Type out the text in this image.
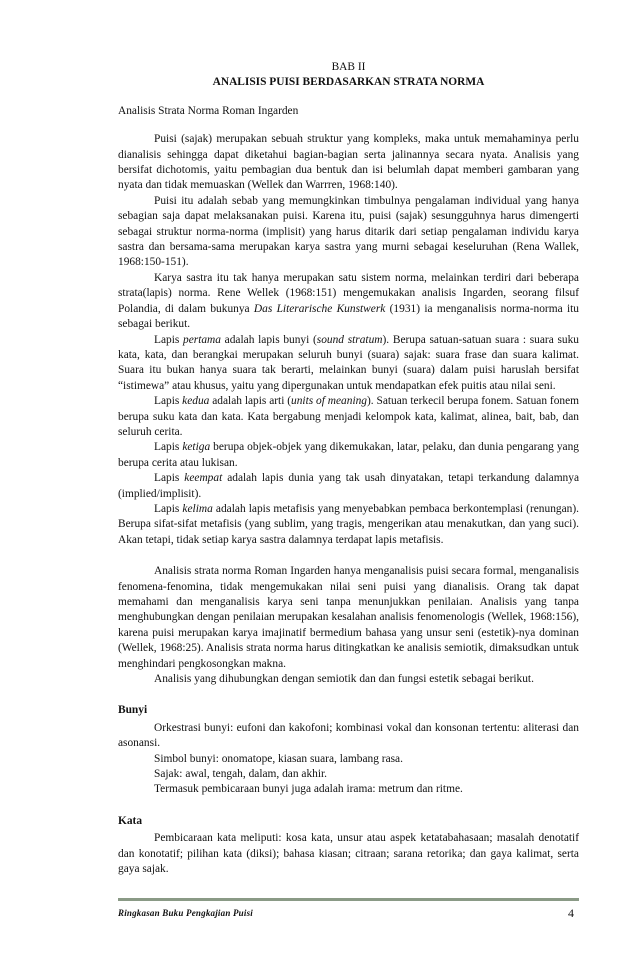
BAB II

ANALISIS PUISI BERDASARKAN STRATA NORMA

Analisis Strata Norma Roman Ingarden

Puisi (sajak) merupakan sebuah struktur yang kompleks, maka untuk memahaminya perlu dianalisis sehingga dapat diketahui bagian-bagian serta jalinannya secara nyata. Analisis yang bersifat dichotomis, yaitu pembagian dua bentuk dan isi belumlah dapat memberi gambaran yang nyata dan tidak memuaskan (Wellek dan Warrren, 1968:140).

Puisi itu adalah sebab yang memungkinkan timbulnya pengalaman individual yang hanya sebagian saja dapat melaksanakan puisi. Karena itu, puisi (sajak) sesungguhnya harus dimengerti sebagai struktur norma-norma (implisit) yang harus ditarik dari setiap pengalaman individu karya sastra dan bersama-sama merupakan karya sastra yang murni sebagai keseluruhan (Rena Wallek, 1968:150-151).

Karya sastra itu tak hanya merupakan satu sistem norma, melainkan terdiri dari beberapa strata(lapis) norma. Rene Wellek (1968:151) mengemukakan analisis Ingarden, seorang filsuf Polandia, di dalam bukunya Das Literarische Kunstwerk (1931) ia menganalisis norma-norma itu sebagai berikut.

Lapis pertama adalah lapis bunyi (sound stratum). Berupa satuan-satuan suara : suara suku kata, kata, dan berangkai merupakan seluruh bunyi (suara) sajak: suara frase dan suara kalimat. Suara itu bukan hanya suara tak berarti, melainkan bunyi (suara) dalam puisi haruslah bersifat “istimewa” atau khusus, yaitu yang dipergunakan untuk mendapatkan efek puitis atau nilai seni.

Lapis kedua adalah lapis arti (units of meaning). Satuan terkecil berupa fonem. Satuan fonem berupa suku kata dan kata. Kata bergabung menjadi kelompok kata, kalimat, alinea, bait, bab, dan seluruh cerita.

Lapis ketiga berupa objek-objek yang dikemukakan, latar, pelaku, dan dunia pengarang yang berupa cerita atau lukisan.

Lapis keempat adalah lapis dunia yang tak usah dinyatakan, tetapi terkandung dalamnya (implied/implisit).

Lapis kelima adalah lapis metafisis yang menyebabkan pembaca berkontemplasi (renungan). Berupa sifat-sifat metafisis (yang sublim, yang tragis, mengerikan atau menakutkan, dan yang suci). Akan tetapi, tidak setiap karya sastra dalamnya terdapat lapis metafisis.

Analisis strata norma Roman Ingarden hanya menganalisis puisi secara formal, menganalisis fenomena-fenomina, tidak mengemukakan nilai seni puisi yang dianalisis. Orang tak dapat memahami dan menganalisis karya seni tanpa menunjukkan penilaian. Analisis yang tanpa menghubungkan dengan penilaian merupakan kesalahan analisis fenomenologis (Wellek, 1968:156), karena puisi merupakan karya imajinatif bermedium bahasa yang unsur seni (estetik)-nya dominan (Wellek, 1968:25). Analisis strata norma harus ditingkatkan ke analisis semiotik, dimaksudkan untuk menghindari pengkosongkan makna.

Analisis yang dihubungkan dengan semiotik dan dan fungsi estetik sebagai berikut.

Bunyi

Orkestrasi bunyi: eufoni dan kakofoni; kombinasi vokal dan konsonan tertentu: aliterasi dan asonansi.

Simbol bunyi: onomatope, kiasan suara, lambang rasa.

Sajak: awal, tengah, dalam, dan akhir.

Termasuk pembicaraan bunyi juga adalah irama: metrum dan ritme.

Kata

Pembicaraan kata meliputi: kosa kata, unsur atau aspek ketatabahasaan; masalah denotatif dan konotatif; pilihan kata (diksi); bahasa kiasan; citraan; sarana retorika; dan gaya kalimat, serta gaya sajak.

Ringkasan Buku Pengkajian Puisi	4
